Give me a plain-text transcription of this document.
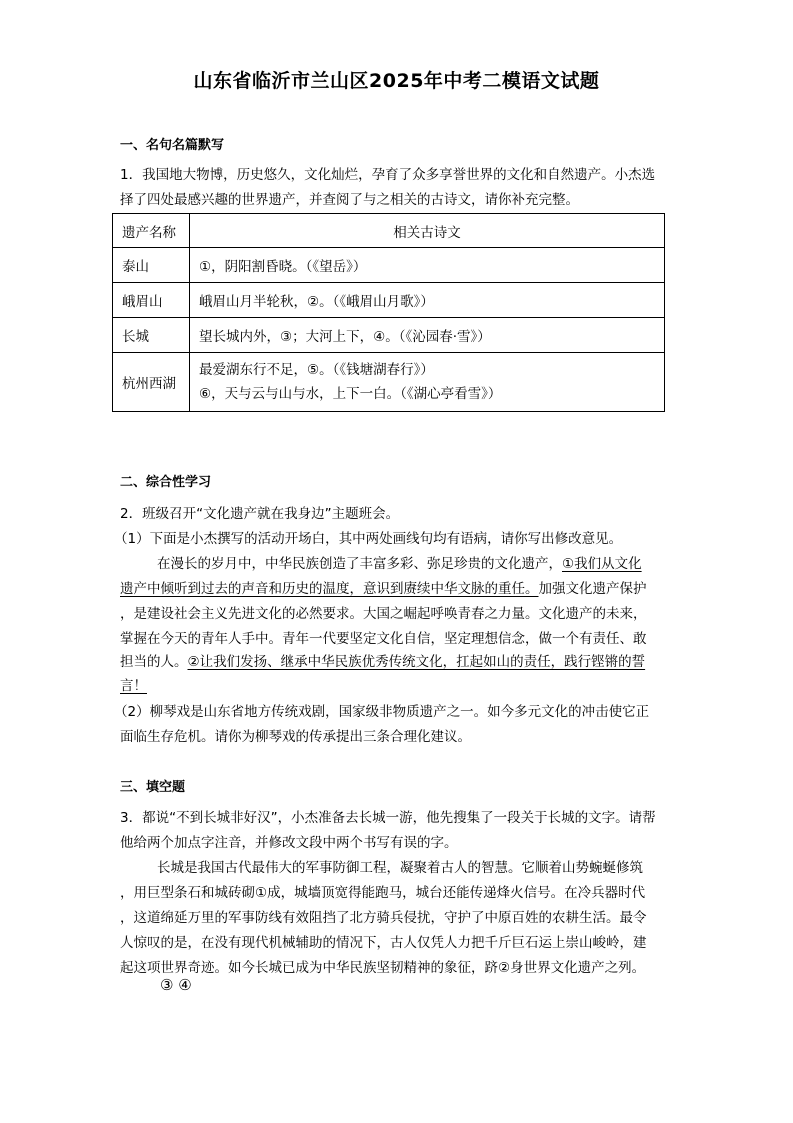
山东省临沂市兰山区2025年中考二模语文试题
一、名句名篇默写
1．我国地大物博，历史悠久，文化灿烂，孕育了众多享誉世界的文化和自然遗产。小杰选
择了四处最感兴趣的世界遗产，并查阅了与之相关的古诗文，请你补充完整。
遗产名称	相关古诗文
泰山	①，阴阳割昏晓。（《望岳》）
峨眉山	峨眉山月半轮秋，②。（《峨眉山月歌》）
长城	望长城内外，③；大河上下，④。（《沁园春·雪》）
杭州西湖	最爱湖东行不足，⑤。（《钱塘湖春行》）
⑥，天与云与山与水，上下一白。（《湖心亭看雪》）
二、综合性学习
2．班级召开“文化遗产就在我身边”主题班会。
（1）下面是小杰撰写的活动开场白，其中两处画线句均有语病，请你写出修改意见。
在漫长的岁月中，中华民族创造了丰富多彩、弥足珍贵的文化遗产，①我们从文化
遗产中倾听到过去的声音和历史的温度，意识到赓续中华文脉的重任。加强文化遗产保护
，是建设社会主义先进文化的必然要求。大国之崛起呼唤青春之力量。文化遗产的未来，
掌握在今天的青年人手中。青年一代要坚定文化自信，坚定理想信念，做一个有责任、敢
担当的人。②让我们发扬、继承中华民族优秀传统文化，扛起如山的责任，践行铿锵的誓
言！
（2）柳琴戏是山东省地方传统戏剧，国家级非物质遗产之一。如今多元文化的冲击使它正
面临生存危机。请你为柳琴戏的传承提出三条合理化建议。
三、填空题
3．都说“不到长城非好汉”，小杰准备去长城一游，他先搜集了一段关于长城的文字。请帮
他给两个加点字注音，并修改文段中两个书写有误的字。
长城是我国古代最伟大的军事防御工程，凝聚着古人的智慧。它顺着山势蜿蜒修筑
，用巨型条石和城砖砌①成，城墙顶宽得能跑马，城台还能传递烽火信号。在冷兵器时代
，这道绵延万里的军事防线有效阻挡了北方骑兵侵扰，守护了中原百姓的农耕生活。最令
人惊叹的是，在没有现代机械辅助的情况下，古人仅凭人力把千斤巨石运上崇山峻岭，建
起这项世界奇迹。如今长城已成为中华民族坚韧精神的象征，跻②身世界文化遗产之列。
③ ④
